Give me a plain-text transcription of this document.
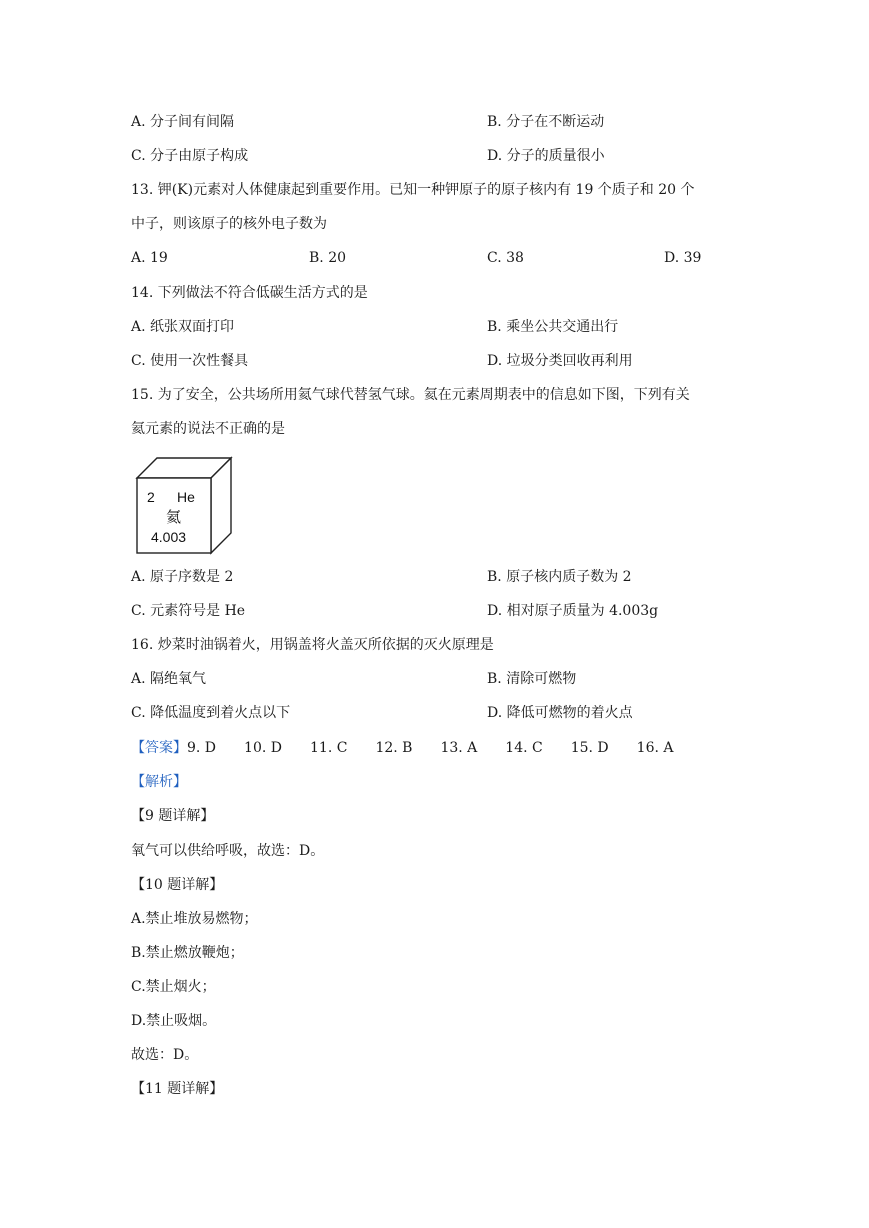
A. 分子间有间隔	B. 分子在不断运动
C. 分子由原子构成	D. 分子的质量很小
13. 钾(K)元素对人体健康起到重要作用。已知一种钾原子的原子核内有 19 个质子和 20 个
中子，则该原子的核外电子数为
A. 19	B. 20	C. 38	D. 39
14. 下列做法不符合低碳生活方式的是
A. 纸张双面打印	B. 乘坐公共交通出行
C. 使用一次性餐具	D. 垃圾分类回收再利用
15. 为了安全，公共场所用氦气球代替氢气球。氦在元素周期表中的信息如下图，下列有关
氦元素的说法不正确的是
2 He
氦
4.003
A. 原子序数是 2	B. 原子核内质子数为 2
C. 元素符号是 He	D. 相对原子质量为 4.003g
16. 炒菜时油锅着火，用锅盖将火盖灭所依据的灭火原理是
A. 隔绝氧气	B. 清除可燃物
C. 降低温度到着火点以下	D. 降低可燃物的着火点
【答案】9. D 10. D 11. C 12. B 13. A 14. C 15. D 16. A
【解析】
【9 题详解】
氧气可以供给呼吸，故选：D。
【10 题详解】
A.禁止堆放易燃物；
B.禁止燃放鞭炮；
C.禁止烟火；
D.禁止吸烟。
故选：D。
【11 题详解】
